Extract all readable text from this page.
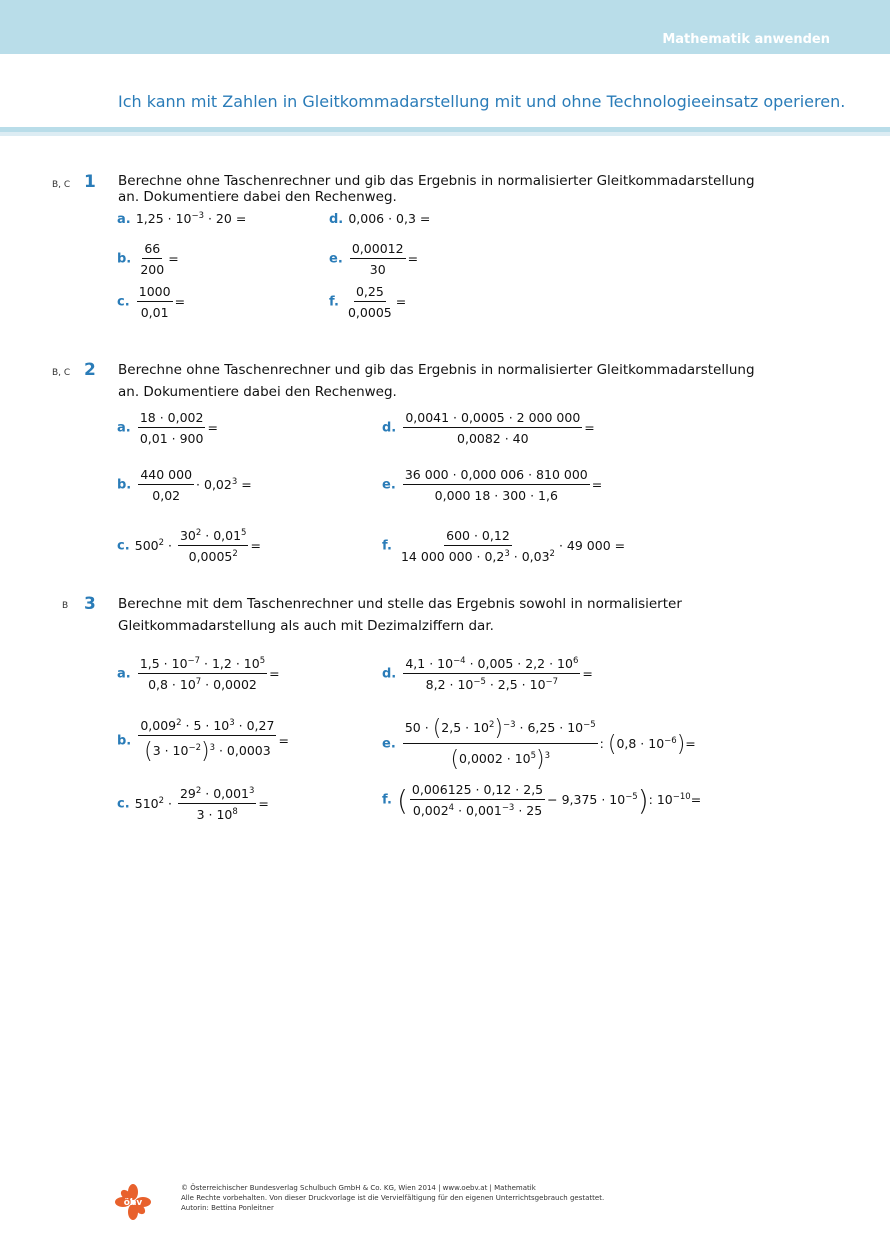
Mathematik anwenden
Ich kann mit Zahlen in Gleitkommadarstellung mit und ohne Technologieeinsatz operieren.
B, C 1 Berechne ohne Taschenrechner und gib das Ergebnis in normalisierter Gleitkommadarstellung an. Dokumentiere dabei den Rechenweg.
a. $1,25 \cdot 10^{-3} \cdot 20$ =
b. $\frac{66}{200}$ =
c. $\frac{1000}{0,01}$ =
d. 0,006 · 0,3 =
e. $\frac{0,00012}{30}$ =
f. $\frac{0,25}{0,0005}$ =
B, C 2 Berechne ohne Taschenrechner und gib das Ergebnis in normalisierter Gleitkommadarstellung an. Dokumentiere dabei den Rechenweg.
a. $\frac{18 \cdot 0,002}{0,01 \cdot 900}$ =
b. $\frac{440 000}{0,02} \cdot 0,02^3$ =
c. $500^2 \cdot \frac{30^2 \cdot 0,01^5}{0,0005^2}$ =
d. $\frac{0,0041 \cdot 0,0005 \cdot 2 000 000}{0,0082 \cdot 40}$ =
e. $\frac{36 000 \cdot 0,000 006 \cdot 810 000}{0,000 18 \cdot 300 \cdot 1,6}$ =
f. $\frac{600 \cdot 0,12}{14 000 000 \cdot 0,2^3 \cdot 0,03^2} \cdot 49$ 000 =
B 3 Berechne mit dem Taschenrechner und stelle das Ergebnis sowohl in normalisierter Gleitkommadarstellung als auch mit Dezimalziffern dar.
a. $\frac{1,5 \cdot 10^{-7} \cdot 1,2 \cdot 10^5}{0,8 \cdot 10^7 \cdot 0,0002}$ =
b. $\frac{0,009^2 \cdot 5 \cdot 10^3 \cdot 0,27}{(3 \cdot 10^{-2})^3 \cdot 0,0003}$ =
c. $510^2 \cdot \frac{29^2 \cdot 0,001^3}{3 \cdot 10^8}$ =
d. $\frac{4,1 \cdot 10^{-4} \cdot 0,005 \cdot 2,2 \cdot 10^6}{8,2 \cdot 10^{-5} \cdot 2,5 \cdot 10^{-7}}$ =
e. $\frac{50 \cdot (2,5 \cdot 10^2)^{-3} \cdot 6,25 \cdot 10^{-5}}{(0,0002 \cdot 10^5)^3}$ : $(0,8 \cdot 10^{-6})=$
f. ( $\frac{0,006125 \cdot 0,12 \cdot 2,5}{0,002^4 \cdot 0,001^{-3} \cdot 25} - 9,375 \cdot 10^{-5}$): $10^{-10}=$
öbv
© Österreichischer Bundesverlag Schulbuch GmbH & Co. KG, Wien 2014 | www.oebv.at | Mathematik
Alle Rechte vorbehalten. Von dieser Druckvorlage ist die Vervielfältigung für den eigenen Unterrichtsgebrauch gestattet.
Autorin: Bettina Ponleitner
